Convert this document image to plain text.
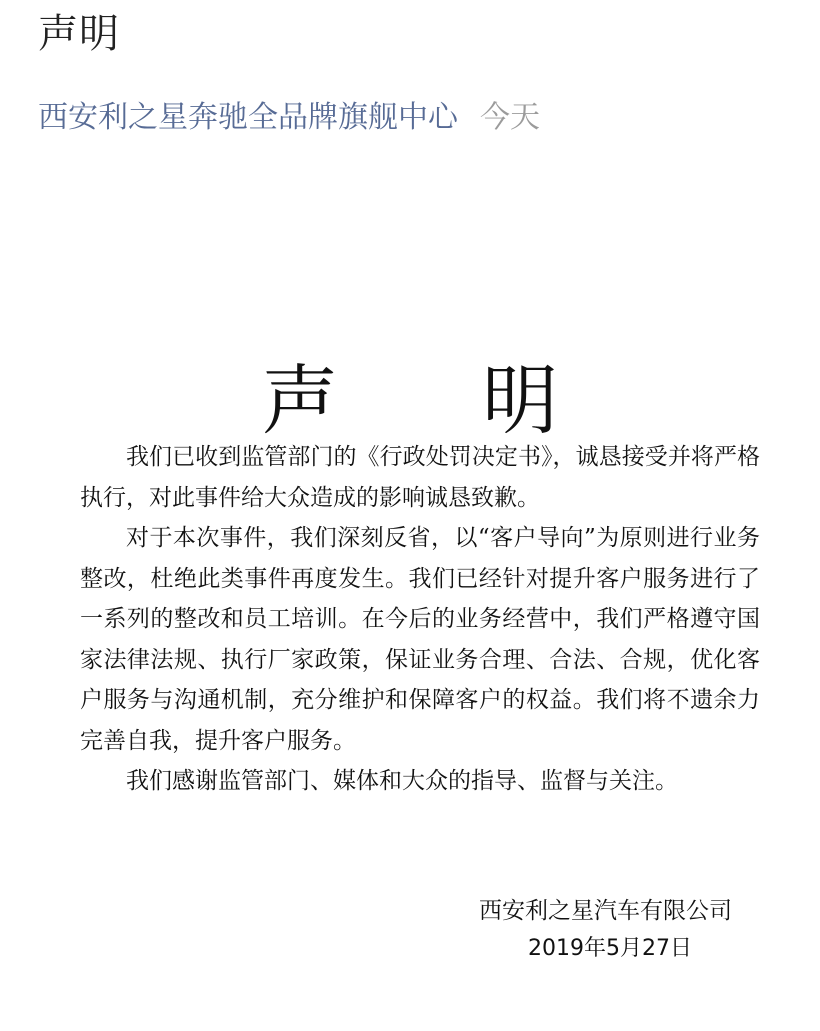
声明
西安利之星奔驰全品牌旗舰中心 今天
声 明

我们已收到监管部门的《行政处罚决定书》，诚恳接受并将严格执行，对此事件给大众造成的影响诚恳致歉。

对于本次事件，我们深刻反省，以“客户导向”为原则进行业务整改，杜绝此类事件再度发生。我们已经针对提升客户服务进行了一系列的整改和员工培训。在今后的业务经营中，我们严格遵守国家法律法规、执行厂家政策，保证业务合理、合法、合规，优化客户服务与沟通机制，充分维护和保障客户的权益。我们将不遗余力完善自我，提升客户服务。

我们感谢监管部门、媒体和大众的指导、监督与关注。

西安利之星汽车有限公司
2019年5月27日
